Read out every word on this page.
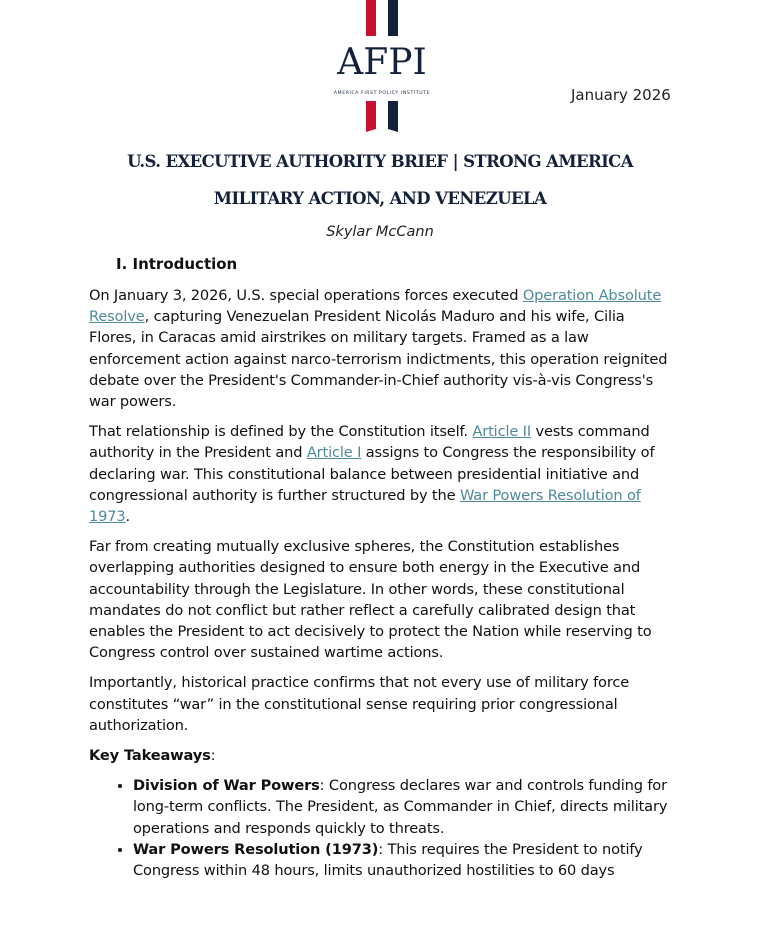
AFPI
AMERICA FIRST POLICY INSTITUTE	January 2026
U.S. EXECUTIVE AUTHORITY BRIEF | STRONG AMERICA
MILITARY ACTION, AND VENEZUELA
Skylar McCann
I. Introduction

On January 3, 2026, U.S. special operations forces executed Operation Absolute Resolve, capturing Venezuelan President Nicolás Maduro and his wife, Cilia Flores, in Caracas amid airstrikes on military targets. Framed as a law enforcement action against narco-terrorism indictments, this operation reignited debate over the President's Commander-in-Chief authority vis-à-vis Congress's war powers.

That relationship is defined by the Constitution itself. Article II vests command authority in the President and Article I assigns to Congress the responsibility of declaring war. This constitutional balance between presidential initiative and congressional authority is further structured by the War Powers Resolution of 1973.

Far from creating mutually exclusive spheres, the Constitution establishes overlapping authorities designed to ensure both energy in the Executive and accountability through the Legislature. In other words, these constitutional mandates do not conflict but rather reflect a carefully calibrated design that enables the President to act decisively to protect the Nation while reserving to Congress control over sustained wartime actions.

Importantly, historical practice confirms that not every use of military force constitutes “war” in the constitutional sense requiring prior congressional authorization.

Key Takeaways:

• Division of War Powers: Congress declares war and controls funding for long-term conflicts. The President, as Commander in Chief, directs military operations and responds quickly to threats.
• War Powers Resolution (1973): This requires the President to notify Congress within 48 hours, limits unauthorized hostilities to 60 days
